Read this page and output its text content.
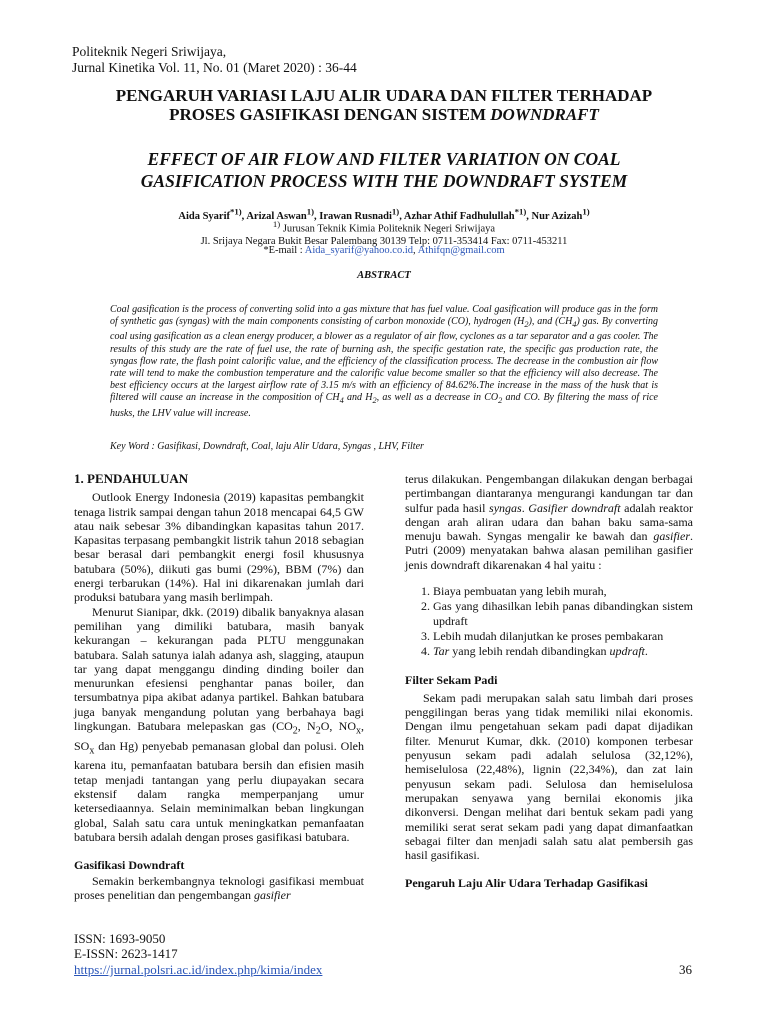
Politeknik Negeri Sriwijaya,
Jurnal Kinetika Vol. 11, No. 01 (Maret 2020) : 36-44
PENGARUH VARIASI LAJU ALIR UDARA DAN FILTER TERHADAP
PROSES GASIFIKASI DENGAN SISTEM DOWNDRAFT
EFFECT OF AIR FLOW AND FILTER VARIATION ON COAL
GASIFICATION PROCESS WITH THE DOWNDRAFT SYSTEM
Aida Syarif$^{*1)}$, Arizal Aswan$^{1)}$, Irawan Rusnadi$^{1)}$, Azhar Athif Fadhulullah$^{*1)}$, Nur Azizah$^{1)}$
$^{1)}$ Jurusan Teknik Kimia Politeknik Negeri Sriwijaya
Jl. Srijaya Negara Bukit Besar Palembang 30139 Telp: 0711-353414 Fax: 0711-453211
*E-mail : Aida_syarif@yahoo.co.id, Athifqn@gmail.com
ABSTRACT
Coal gasification is the process of converting solid into a gas mixture that has fuel value. Coal gasification will produce gas in the form of synthetic gas (syngas) with the main components consisting of carbon monoxide (CO), hydrogen $(H_2)$, and $(CH_4)$ gas. By converting coal using gasification as a clean energy producer, a blower as a regulator of air flow, cyclones as a tar separator and a gas cooler. The results of this study are the rate of fuel use, the rate of burning ash, the specific gestation rate, the specific gas production rate, the syngas flow rate, the flash point calorific value, and the efficiency of the classification process. The decrease in the combustion air flow rate will tend to make the combustion temperature and the calorific value become smaller so that the efficiency will also decrease. The best efficiency occurs at the largest airflow rate of 3.15 m/s with an efficiency of 84.62%.The increase in the mass of the husk that is filtered will cause an increase in the composition of $CH_4$ and $H_2$, as well as a decrease in $CO_2$ and CO. By filtering the mass of rice husks, the LHV value will increase.
Key Word : Gasifikasi, Downdraft, Coal, laju Alir Udara, Syngas , LHV, Filter
1. PENDAHULUAN

Outlook Energy Indonesia (2019) kapasitas pembangkit tenaga listrik sampai dengan tahun 2018 mencapai 64,5 GW atau naik sebesar 3% dibandingkan kapasitas tahun 2017. Kapasitas terpasang pembangkit listrik tahun 2018 sebagian besar berasal dari pembangkit energi fosil khususnya batubara (50%), diikuti gas bumi (29%), BBM (7%) dan energi terbarukan (14%). Hal ini dikarenakan jumlah dari produksi batubara yang masih berlimpah.

Menurut Sianipar, dkk. (2019) dibalik banyaknya alasan pemilihan yang dimiliki batubara, masih banyak kekurangan – kekurangan pada PLTU menggunakan batubara. Salah satunya ialah adanya ash, slagging, ataupun tar yang dapat menggangu dinding dinding boiler dan menurunkan efesiensi penghantar panas boiler, dan tersumbatnya pipa akibat adanya partikel. Bahkan batubara juga banyak mengandung polutan yang berbahaya bagi lingkungan. Batubara melepaskan gas ($CO_2$, $N_2O$, $NO_x$, $SO_x$ dan Hg) penyebab pemanasan global dan polusi. Oleh karena itu, pemanfaatan batubara bersih dan efisien masih tetap menjadi tantangan yang perlu diupayakan secara ekstensif dalam rangka memperpanjang umur ketersediaannya. Selain meminimalkan beban lingkungan global, Salah satu cara untuk meningkatkan pemanfaatan batubara bersih adalah dengan proses gasifikasi batubara.

Gasifikasi Downdraft

Semakin berkembangnya teknologi gasifikasi membuat proses penelitian dan pengembangan gasifier

terus dilakukan. Pengembangan dilakukan dengan berbagai pertimbangan diantaranya mengurangi kandungan tar dan sulfur pada hasil syngas. Gasifier downdraft adalah reaktor dengan arah aliran udara dan bahan baku sama-sama menuju bawah. Syngas mengalir ke bawah dan gasifier. Putri (2009) menyatakan bahwa alasan pemilihan gasifier jenis downdraft dikarenakan 4 hal yaitu :

1. Biaya pembuatan yang lebih murah,
2. Gas yang dihasilkan lebih panas dibandingkan sistem updraft
3. Lebih mudah dilanjutkan ke proses pembakaran
4. Tar yang lebih rendah dibandingkan updraft.
Filter Sekam Padi

Sekam padi merupakan salah satu limbah dari proses penggilingan beras yang tidak memiliki nilai ekonomis. Dengan ilmu pengetahuan sekam padi dapat dijadikan filter. Menurut Kumar, dkk. (2010) komponen terbesar penyusun sekam padi adalah selulosa (32,12%), hemiselulosa (22,48%), lignin (22,34%), dan zat lain penyusun sekam padi. Selulosa dan hemiselulosa merupakan senyawa yang bernilai ekonomis jika dikonversi. Dengan melihat dari bentuk sekam padi yang memiliki serat serat sekam padi yang dapat dimanfaatkan sebagai filter dan menjadi salah satu alat pembersih gas hasil gasifikasi.

Pengaruh Laju Alir Udara Terhadap Gasifikasi
ISSN: 1693-9050
E-ISSN: 2623-1417
https://jurnal.polsri.ac.id/index.php/kimia/index	36
